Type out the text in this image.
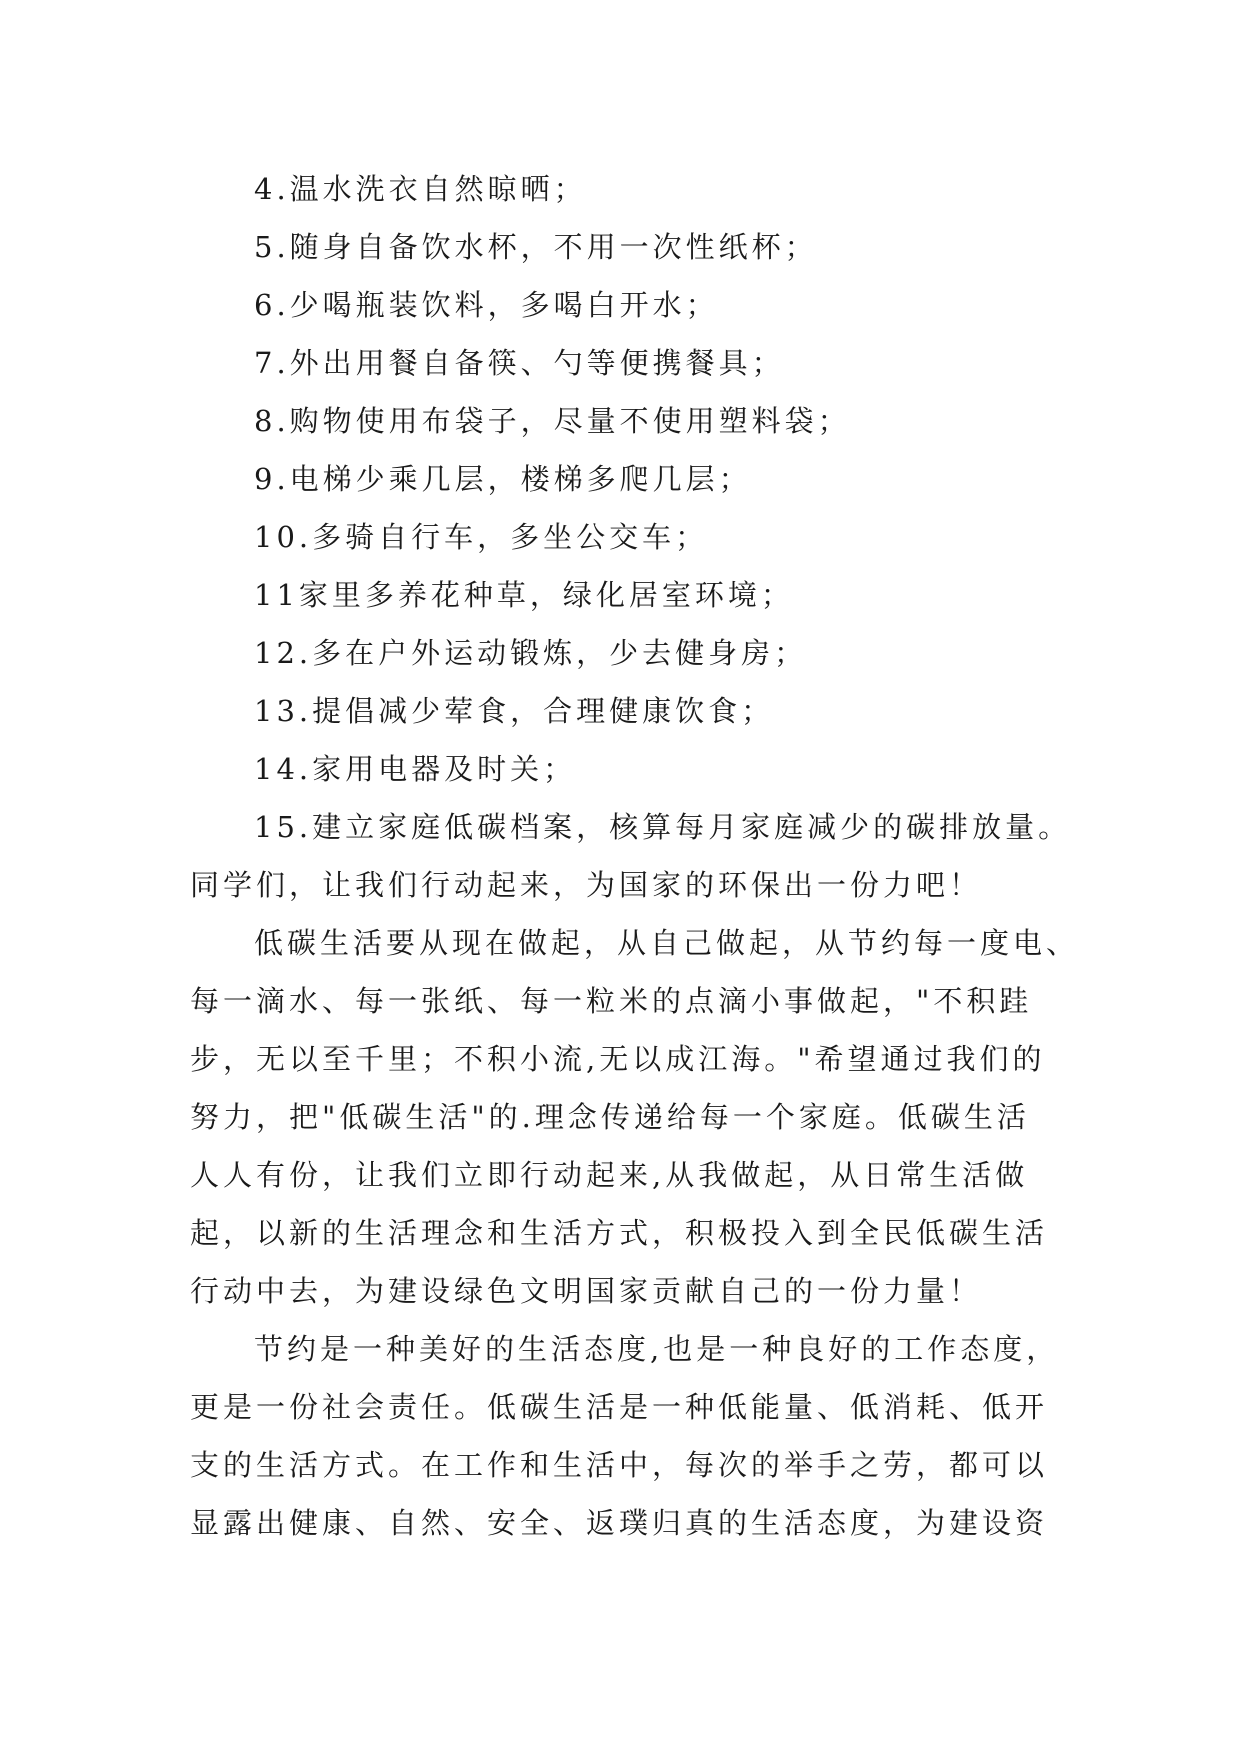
4.温水洗衣自然晾晒；
5.随身自备饮水杯，不用一次性纸杯；
6.少喝瓶装饮料，多喝白开水；
7.外出用餐自备筷、勺等便携餐具；
8.购物使用布袋子，尽量不使用塑料袋；
9.电梯少乘几层，楼梯多爬几层；
10.多骑自行车，多坐公交车；
11家里多养花种草，绿化居室环境；
12.多在户外运动锻炼，少去健身房；
13.提倡减少荤食，合理健康饮食；
14.家用电器及时关；
15.建立家庭低碳档案，核算每月家庭减少的碳排放量。
同学们，让我们行动起来，为国家的环保出一份力吧！
低碳生活要从现在做起，从自己做起，从节约每一度电、
每一滴水、每一张纸、每一粒米的点滴小事做起，"不积跬
步，无以至千里；不积小流,无以成江海。"希望通过我们的
努力，把"低碳生活"的.理念传递给每一个家庭。低碳生活
人人有份，让我们立即行动起来,从我做起，从日常生活做
起，以新的生活理念和生活方式，积极投入到全民低碳生活
行动中去，为建设绿色文明国家贡献自己的一份力量！
节约是一种美好的生活态度,也是一种良好的工作态度，
更是一份社会责任。低碳生活是一种低能量、低消耗、低开
支的生活方式。在工作和生活中，每次的举手之劳，都可以
显露出健康、自然、安全、返璞归真的生活态度，为建设资
